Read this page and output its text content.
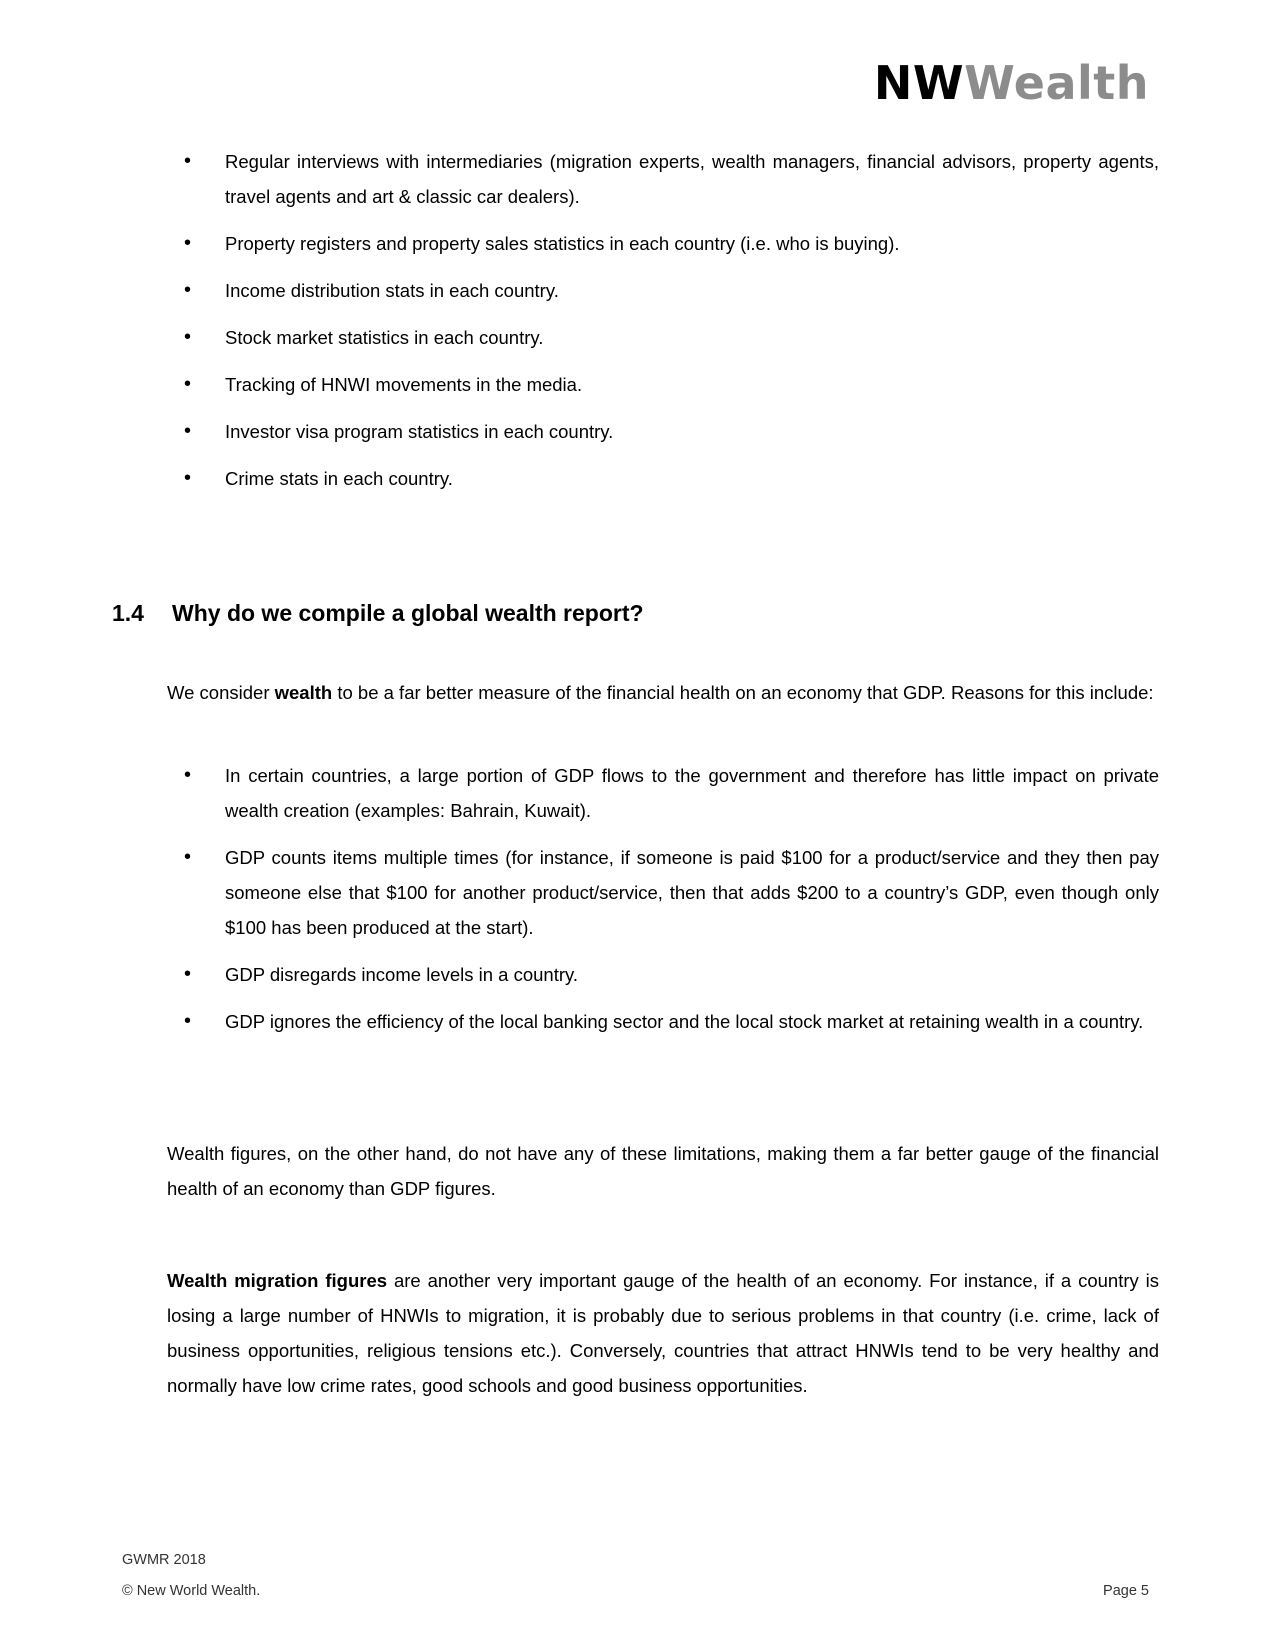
NWWealth
• Regular interviews with intermediaries (migration experts, wealth managers, financial advisors, property agents, travel agents and art & classic car dealers).
• Property registers and property sales statistics in each country (i.e. who is buying).
• Income distribution stats in each country.
• Stock market statistics in each country.
• Tracking of HNWI movements in the media.
• Investor visa program statistics in each country.
• Crime stats in each country.
1.4 Why do we compile a global wealth report?

We consider wealth to be a far better measure of the financial health on an economy that GDP. Reasons for this include:

• In certain countries, a large portion of GDP flows to the government and therefore has little impact on private wealth creation (examples: Bahrain, Kuwait).
• GDP counts items multiple times (for instance, if someone is paid $100 for a product/service and they then pay someone else that $100 for another product/service, then that adds $200 to a country’s GDP, even though only $100 has been produced at the start).
• GDP disregards income levels in a country.
• GDP ignores the efficiency of the local banking sector and the local stock market at retaining wealth in a country.

Wealth figures, on the other hand, do not have any of these limitations, making them a far better gauge of the financial health of an economy than GDP figures.

Wealth migration figures are another very important gauge of the health of an economy. For instance, if a country is losing a large number of HNWIs to migration, it is probably due to serious problems in that country (i.e. crime, lack of business opportunities, religious tensions etc.). Conversely, countries that attract HNWIs tend to be very healthy and normally have low crime rates, good schools and good business opportunities.

GWMR 2018
© New World Wealth.	Page 5
